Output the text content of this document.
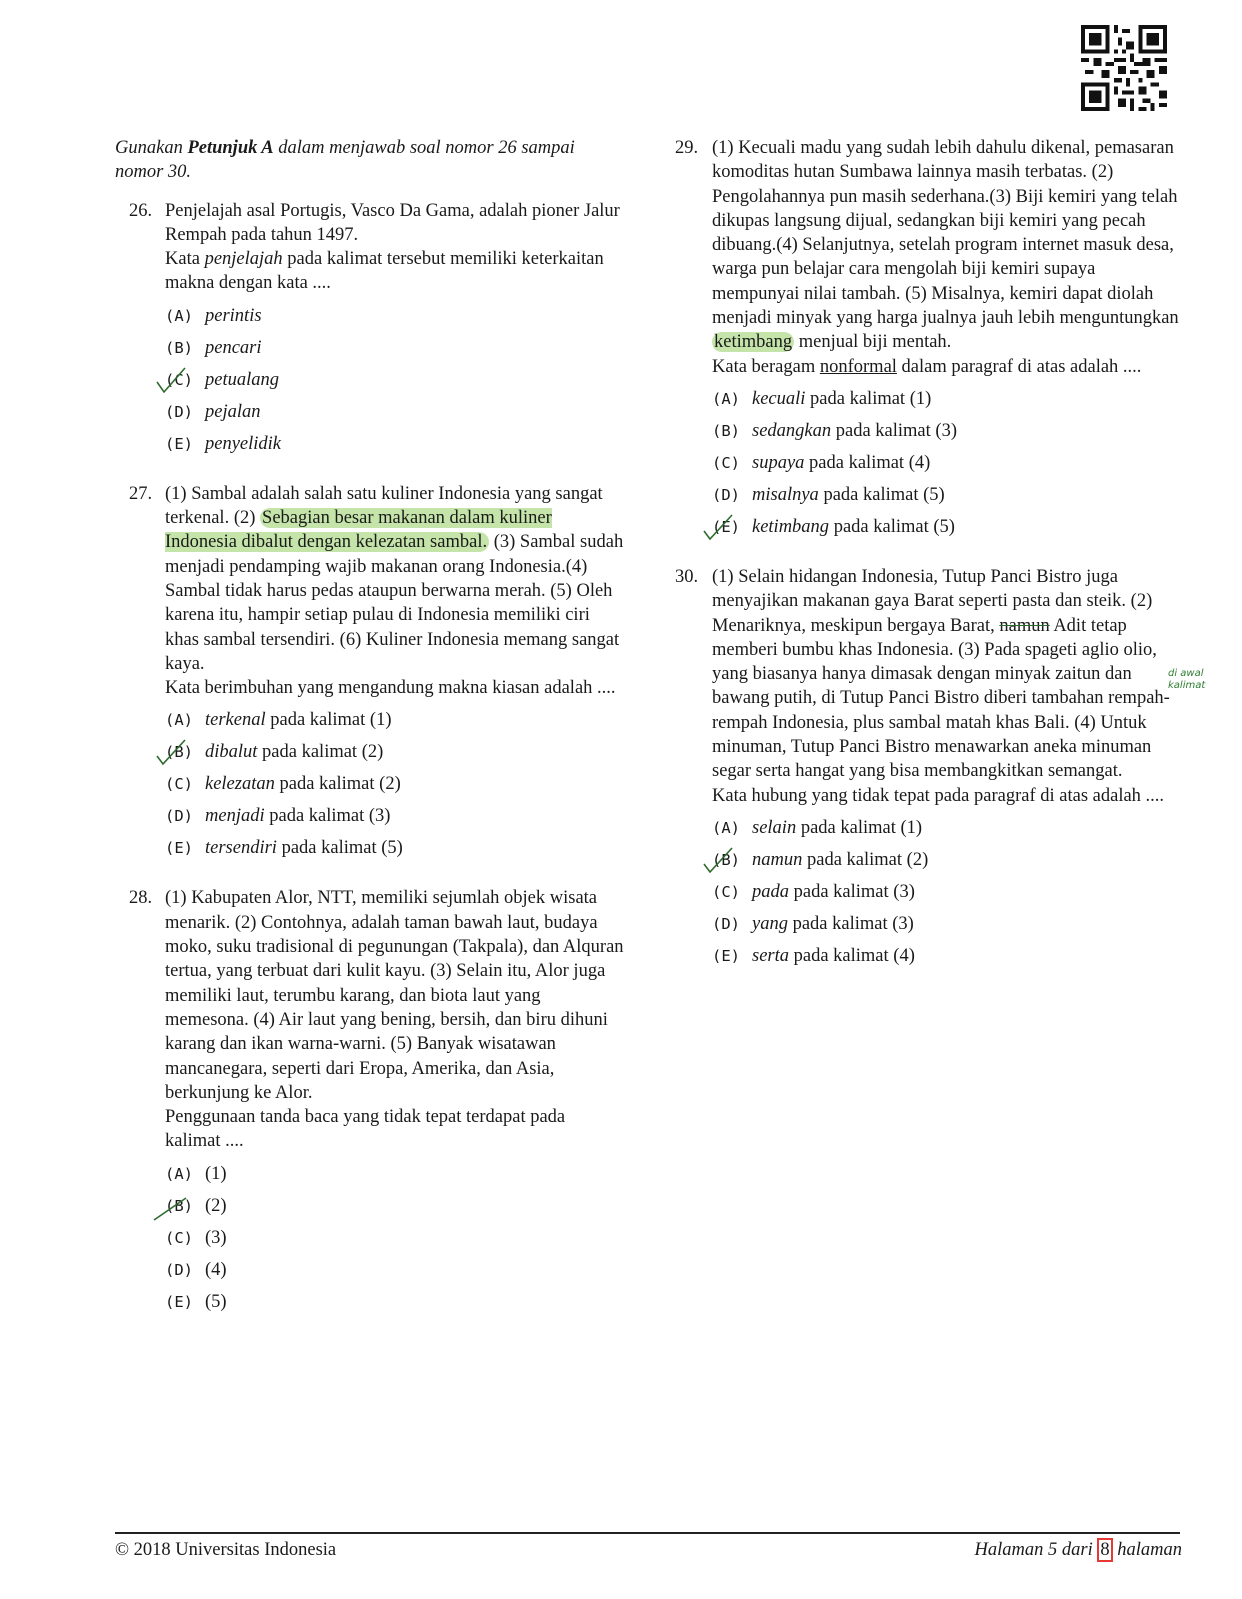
Gunakan Petunjuk A dalam menjawab soal nomor 26 sampai nomor 30.

26. Penjelajah asal Portugis, Vasco Da Gama, adalah pioner Jalur Rempah pada tahun 1497.

Kata penjelajah pada kalimat tersebut memiliki keterkaitan makna dengan kata ....

(A) perintis
(B) pencari
(C) petualang
(D) pejalan
(E) penyelidik
27. (1) Sambal adalah salah satu kuliner Indonesia yang sangat terkenal. (2) Sebagian besar makanan dalam kuliner Indonesia dibalut dengan kelezatan sambal. (3) Sambal sudah menjadi pendamping wajib makanan orang Indonesia.(4) Sambal tidak harus pedas ataupun berwarna merah. (5) Oleh karena itu, hampir setiap pulau di Indonesia memiliki ciri khas sambal tersendiri. (6) Kuliner Indonesia memang sangat kaya.

Kata berimbuhan yang mengandung makna kiasan adalah ....

(A) terkenal pada kalimat (1)
(B) dibalut pada kalimat (2)
(C) kelezatan pada kalimat (2)
(D) menjadi pada kalimat (3)
(E) tersendiri pada kalimat (5)
28. (1) Kabupaten Alor, NTT, memiliki sejumlah objek wisata menarik. (2) Contohnya, adalah taman bawah laut, budaya moko, suku tradisional di pegunungan (Takpala), dan Alquran tertua, yang terbuat dari kulit kayu. (3) Selain itu, Alor juga memiliki laut, terumbu karang, dan biota laut yang memesona. (4) Air laut yang bening, bersih, dan biru dihuni karang dan ikan warna-warni. (5) Banyak wisatawan mancanegara, seperti dari Eropa, Amerika, dan Asia, berkunjung ke Alor.

Penggunaan tanda baca yang tidak tepat terdapat pada kalimat ....

(A) (1)
(B) (2)
(C) (3)
(D) (4)
(E) (5)
29. (1) Kecuali madu yang sudah lebih dahulu dikenal, pemasaran komoditas hutan Sumbawa lainnya masih terbatas. (2) Pengolahannya pun masih sederhana.(3) Biji kemiri yang telah dikupas langsung dijual, sedangkan biji kemiri yang pecah dibuang.(4) Selanjutnya, setelah program internet masuk desa, warga pun belajar cara mengolah biji kemiri supaya mempunyai nilai tambah. (5) Misalnya, kemiri dapat diolah menjadi minyak yang harga jualnya jauh lebih menguntungkan ketimbang menjual biji mentah.

Kata beragam nonformal dalam paragraf di atas adalah ....

(A) kecuali pada kalimat (1)
(B) sedangkan pada kalimat (3)
(C) supaya pada kalimat (4)
(D) misalnya pada kalimat (5)
(E) ketimbang pada kalimat (5)
30. (1) Selain hidangan Indonesia, Tutup Panci Bistro juga menyajikan makanan gaya Barat seperti pasta dan steik. (2) Menariknya, meskipun bergaya Barat, namun Adit tetap memberi bumbu khas Indonesia. (3) Pada spageti aglio olio, yang biasanya hanya dimasak dengan minyak zaitun dan bawang putih, di Tutup Panci Bistro diberi tambahan rempah-rempah Indonesia, plus sambal matah khas Bali. (4) Untuk minuman, Tutup Panci Bistro menawarkan aneka minuman segar serta hangat yang bisa membangkitkan semangat.

Kata hubung yang tidak tepat pada paragraf di atas adalah ....

(A) selain pada kalimat (1)
(B) namun pada kalimat (2)
(C) pada pada kalimat (3)
(D) yang pada kalimat (3)
(E) serta pada kalimat (4)
di awal kalimat
© 2018 Universitas Indonesia	Halaman 5 dari 8 halaman
